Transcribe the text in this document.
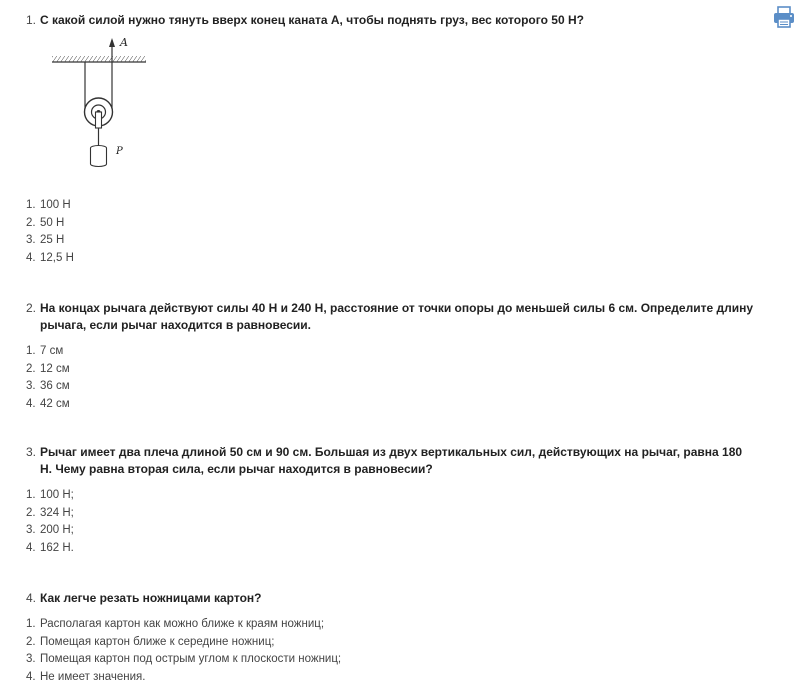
1. С какой силой нужно тянуть вверх конец каната А, чтобы поднять груз, вес которого 50 Н?
A
P
1. 100 Н
2. 50 Н
3. 25 Н
4. 12,5 Н
2. На концах рычага действуют силы 40 Н и 240 Н, расстояние от точки опоры до меньшей силы 6 см. Определите длину рычага, если рычаг находится в равновесии.
1. 7 см
2. 12 см
3. 36 см
4. 42 см
3. Рычаг имеет два плеча длиной 50 см и 90 см. Большая из двух вертикальных сил, действующих на рычаг, равна 180 Н. Чему равна вторая сила, если рычаг находится в равновесии?
1. 100 Н;
2. 324 Н;
3. 200 Н;
4. 162 Н.
4. Как легче резать ножницами картон?
1. Располагая картон как можно ближе к краям ножниц;
2. Помещая картон ближе к середине ножниц;
3. Помещая картон под острым углом к плоскости ножниц;
4. Не имеет значения.
